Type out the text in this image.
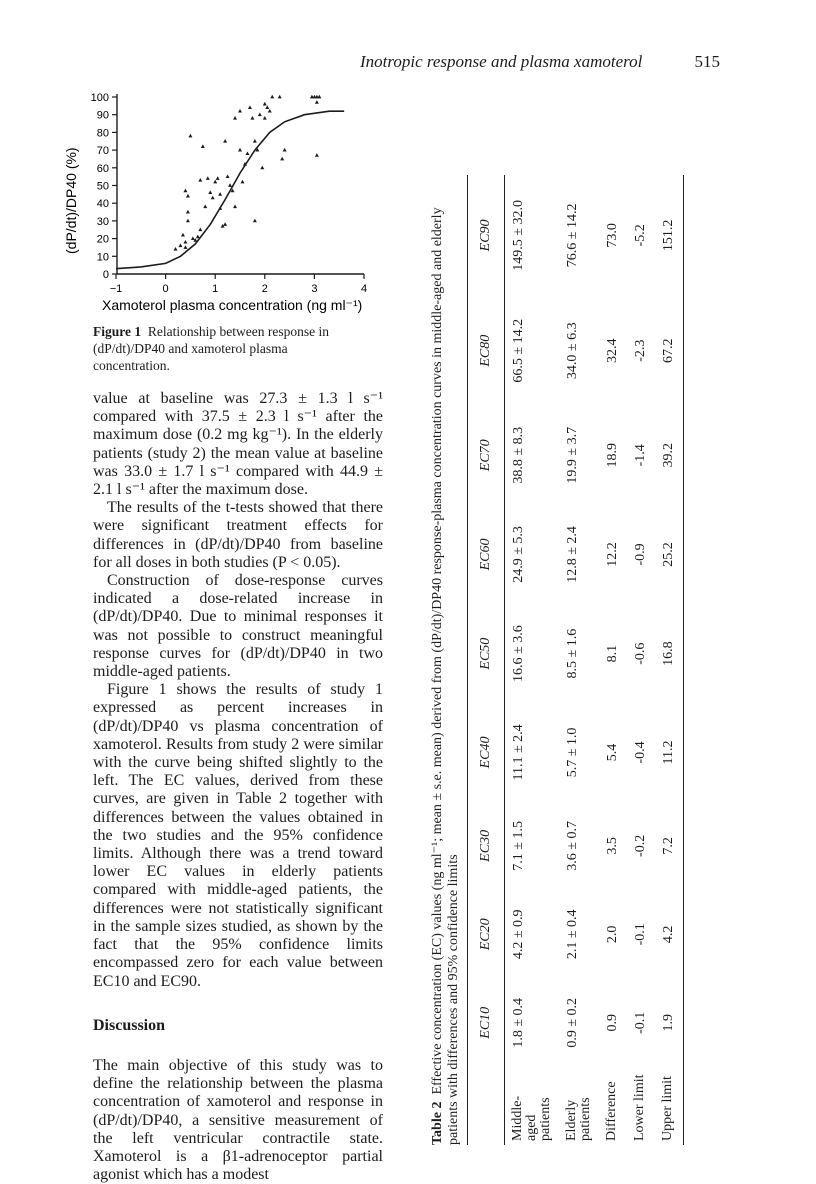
Inotropic response and plasma xamoterol	515
0
10
20
30
40
50
60
70
80
90
100
−1	0	1	2	3	4
(dP/dt)/DP40 (%)
Xamoterol plasma concentration (ng ml⁻¹)
Figure 1 Relationship between response in (dP/dt)/DP40 and xamoterol plasma concentration.

value at baseline was 27.3 ± 1.3 l s⁻¹ compared with 37.5 ± 2.3 l s⁻¹ after the maximum dose (0.2 mg kg⁻¹). In the elderly patients (study 2) the mean value at baseline was 33.0 ± 1.7 l s⁻¹ compared with 44.9 ± 2.1 l s⁻¹ after the maximum dose.

The results of the t-tests showed that there were significant treatment effects for differences in (dP/dt)/DP40 from baseline for all doses in both studies (P < 0.05).

Construction of dose-response curves indicated a dose-related increase in (dP/dt)/DP40. Due to minimal responses it was not possible to construct meaningful response curves for (dP/dt)/DP40 in two middle-aged patients.

Figure 1 shows the results of study 1 expressed as percent increases in (dP/dt)/DP40 vs plasma concentration of xamoterol. Results from study 2 were similar with the curve being shifted slightly to the left. The EC values, derived from these curves, are given in Table 2 together with differences between the values obtained in the two studies and the 95% confidence limits. Although there was a trend toward lower EC values in elderly patients compared with middle-aged patients, the differences were not statistically significant in the sample sizes studied, as shown by the fact that the 95% confidence limits encompassed zero for each value between EC10 and EC90.

Discussion

The main objective of this study was to define the relationship between the plasma concentration of xamoterol and response in (dP/dt)/DP40, a sensitive measurement of the left ventricular contractile state. Xamoterol is a β1-adrenoceptor partial agonist which has a modest

Table 2  Effective concentration (EC) values (ng ml⁻¹; mean ± s.e. mean) derived from (dP/dt)/DP40 response-plasma concentration curves in middle-aged and elderly patients with differences and 95% confidence limits
	EC10	EC20	EC30	EC40	EC50	EC60	EC70	EC80	EC90
Middle-aged patients	1.8 ± 0.4	4.2 ± 0.9	7.1 ± 1.5	11.1 ± 2.4	16.6 ± 3.6	24.9 ± 5.3	38.8 ± 8.3	66.5 ± 14.2	149.5 ± 32.0
Elderly patients	0.9 ± 0.2	2.1 ± 0.4	3.6 ± 0.7	5.7 ± 1.0	8.5 ± 1.6	12.8 ± 2.4	19.9 ± 3.7	34.0 ± 6.3	76.6 ± 14.2
Difference	0.9	2.0	3.5	5.4	8.1	12.2	18.9	32.4	73.0
Lower limit	-0.1	-0.1	-0.2	-0.4	-0.6	-0.9	-1.4	-2.3	-5.2
Upper limit	1.9	4.2	7.2	11.2	16.8	25.2	39.2	67.2	151.2
